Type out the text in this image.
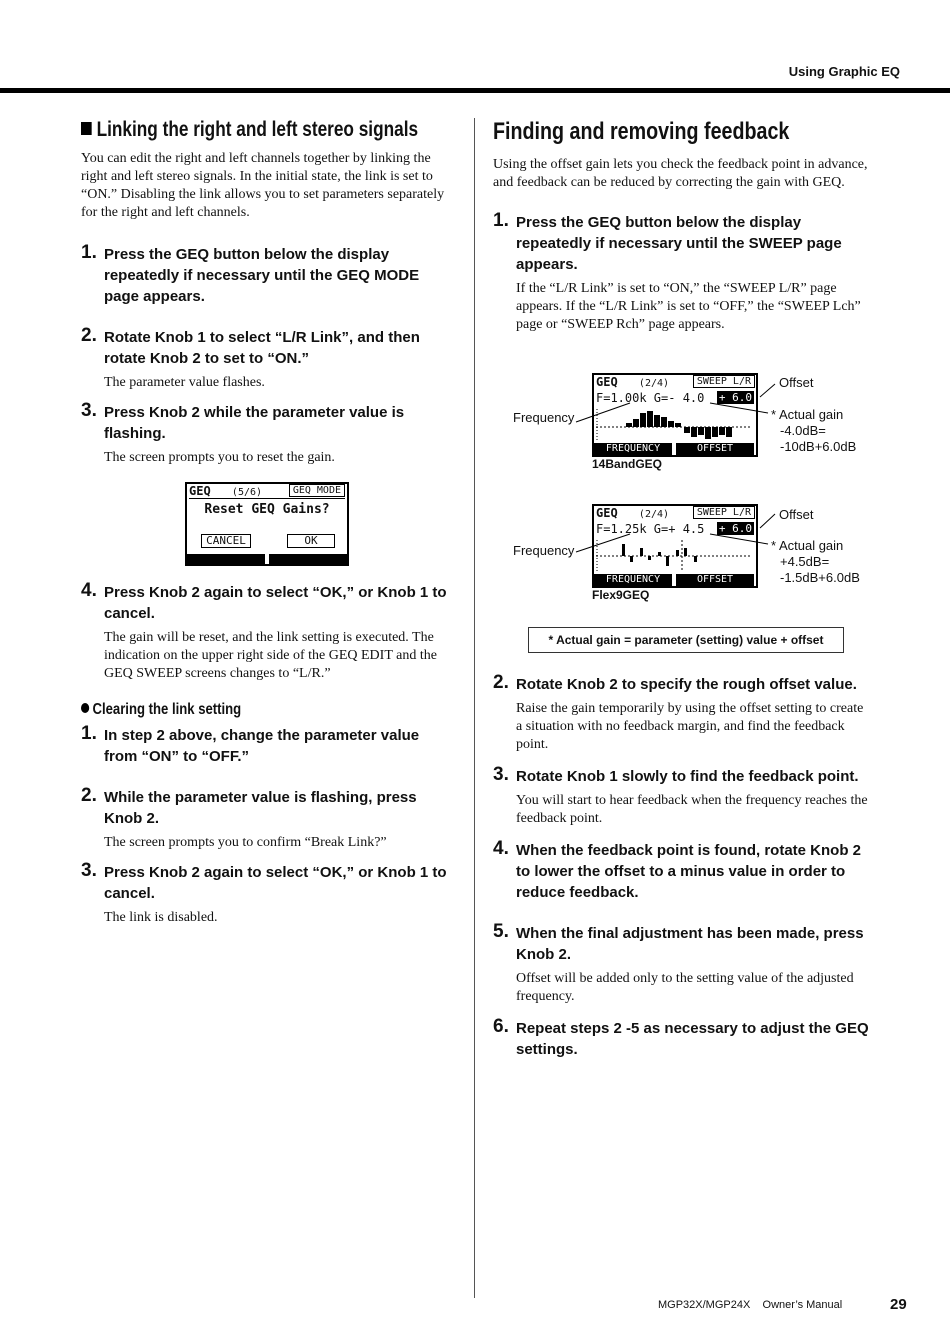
Using Graphic EQ
Linking the right and left stereo signals

You can edit the right and left channels together by linking the right and left stereo signals. In the initial state, the link is set to “ON.” Disabling the link allows you to set parameters separately for the right and left channels.

1. Press the GEQ button below the display repeatedly if necessary until the GEQ MODE page appears.
2. Rotate Knob 1 to select “L/R Link”, and then rotate Knob 2 to set to “ON.”
The parameter value flashes.
3. Press Knob 2 while the parameter value is flashing.
The screen prompts you to reset the gain.
GEQ (5/6)	GEQ MODE
Reset GEQ Gains?
CANCEL	OK
4. Press Knob 2 again to select “OK,” or Knob 1 to cancel.
The gain will be reset, and the link setting is executed. The indication on the upper right side of the GEQ EDIT and the GEQ SWEEP screens changes to “L/R.”
Clearing the link setting
1. In step 2 above, change the parameter value from “ON” to “OFF.”
2. While the parameter value is flashing, press Knob 2.
The screen prompts you to confirm “Break Link?”
3. Press Knob 2 again to select “OK,” or Knob 1 to cancel.
The link is disabled.
Finding and removing feedback

Using the offset gain lets you check the feedback point in advance, and feedback can be reduced by correcting the gain with GEQ.

1. Press the GEQ button below the display repeatedly if necessary until the SWEEP page appears.
If the “L/R Link” is set to “ON,” the “SWEEP L/R” page appears. If the “L/R Link” is set to “OFF,” the “SWEEP Lch” page or “SWEEP Rch” page appears.
GEQ (2/4)	SWEEP L/R
F=1.00k G=- 4.0	+ 6.0
FREQUENCY	OFFSET
14BandGEQ
Frequency
Offset
* Actual gain
-4.0dB=
-10dB+6.0dB
GEQ (2/4)	SWEEP L/R
F=1.25k G=+ 4.5	+ 6.0
FREQUENCY	OFFSET
Flex9GEQ
Frequency
Offset
* Actual gain
+4.5dB=
-1.5dB+6.0dB
* Actual gain = parameter (setting) value + offset
2. Rotate Knob 2 to specify the rough offset value.
Raise the gain temporarily by using the offset setting to create a situation with no feedback margin, and find the feedback point.
3. Rotate Knob 1 slowly to find the feedback point.
You will start to hear feedback when the frequency reaches the feedback point.
4. When the feedback point is found, rotate Knob 2 to lower the offset to a minus value in order to reduce feedback.
5. When the final adjustment has been made, press Knob 2.
Offset will be added only to the setting value of the adjusted frequency.
6. Repeat steps 2 -5 as necessary to adjust the GEQ settings.
MGP32X/MGP24X    Owner’s Manual	29
